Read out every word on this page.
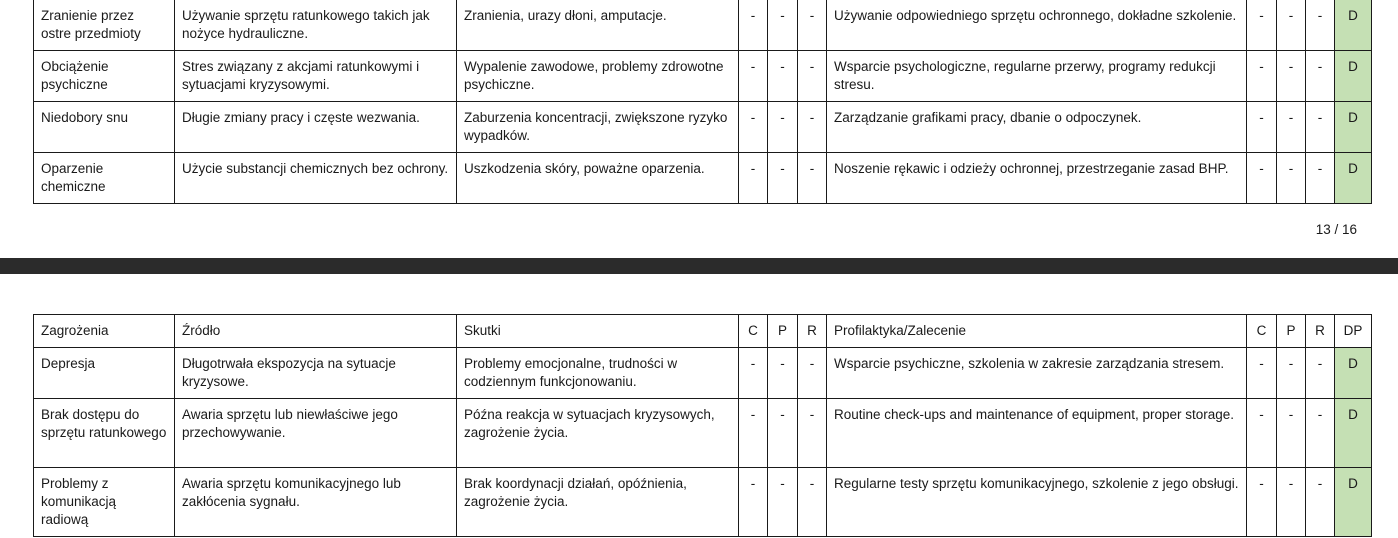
Zranienie przez ostre przedmioty	Używanie sprzętu ratunkowego takich jak nożyce hydrauliczne.	Zranienia, urazy dłoni, amputacje.	-	-	-	Używanie odpowiedniego sprzętu ochronnego, dokładne szkolenie.	-	-	-	D
Obciążenie psychiczne	Stres związany z akcjami ratunkowymi i sytuacjami kryzysowymi.	Wypalenie zawodowe, problemy zdrowotne psychiczne.	-	-	-	Wsparcie psychologiczne, regularne przerwy, programy redukcji stresu.	-	-	-	D
Niedobory snu	Długie zmiany pracy i częste wezwania.	Zaburzenia koncentracji, zwiększone ryzyko wypadków.	-	-	-	Zarządzanie grafikami pracy, dbanie o odpoczynek.	-	-	-	D
Oparzenie chemiczne	Użycie substancji chemicznych bez ochrony.	Uszkodzenia skóry, poważne oparzenia.	-	-	-	Noszenie rękawic i odzieży ochronnej, przestrzeganie zasad BHP.	-	-	-	D
13 / 16
Zagrożenia	Źródło	Skutki	C	P	R	Profilaktyka/Zalecenie	C	P	R	DP
Depresja	Długotrwała ekspozycja na sytuacje kryzysowe.	Problemy emocjonalne, trudności w codziennym funkcjonowaniu.	-	-	-	Wsparcie psychiczne, szkolenia w zakresie zarządzania stresem.	-	-	-	D
Brak dostępu do sprzętu ratunkowego	Awaria sprzętu lub niewłaściwe jego przechowywanie.	Późna reakcja w sytuacjach kryzysowych, zagrożenie życia.	-	-	-	Routine check-ups and maintenance of equipment, proper storage.	-	-	-	D
Problemy z komunikacją radiową	Awaria sprzętu komunikacyjnego lub zakłócenia sygnału.	Brak koordynacji działań, opóźnienia, zagrożenie życia.	-	-	-	Regularne testy sprzętu komunikacyjnego, szkolenie z jego obsługi.	-	-	-	D
